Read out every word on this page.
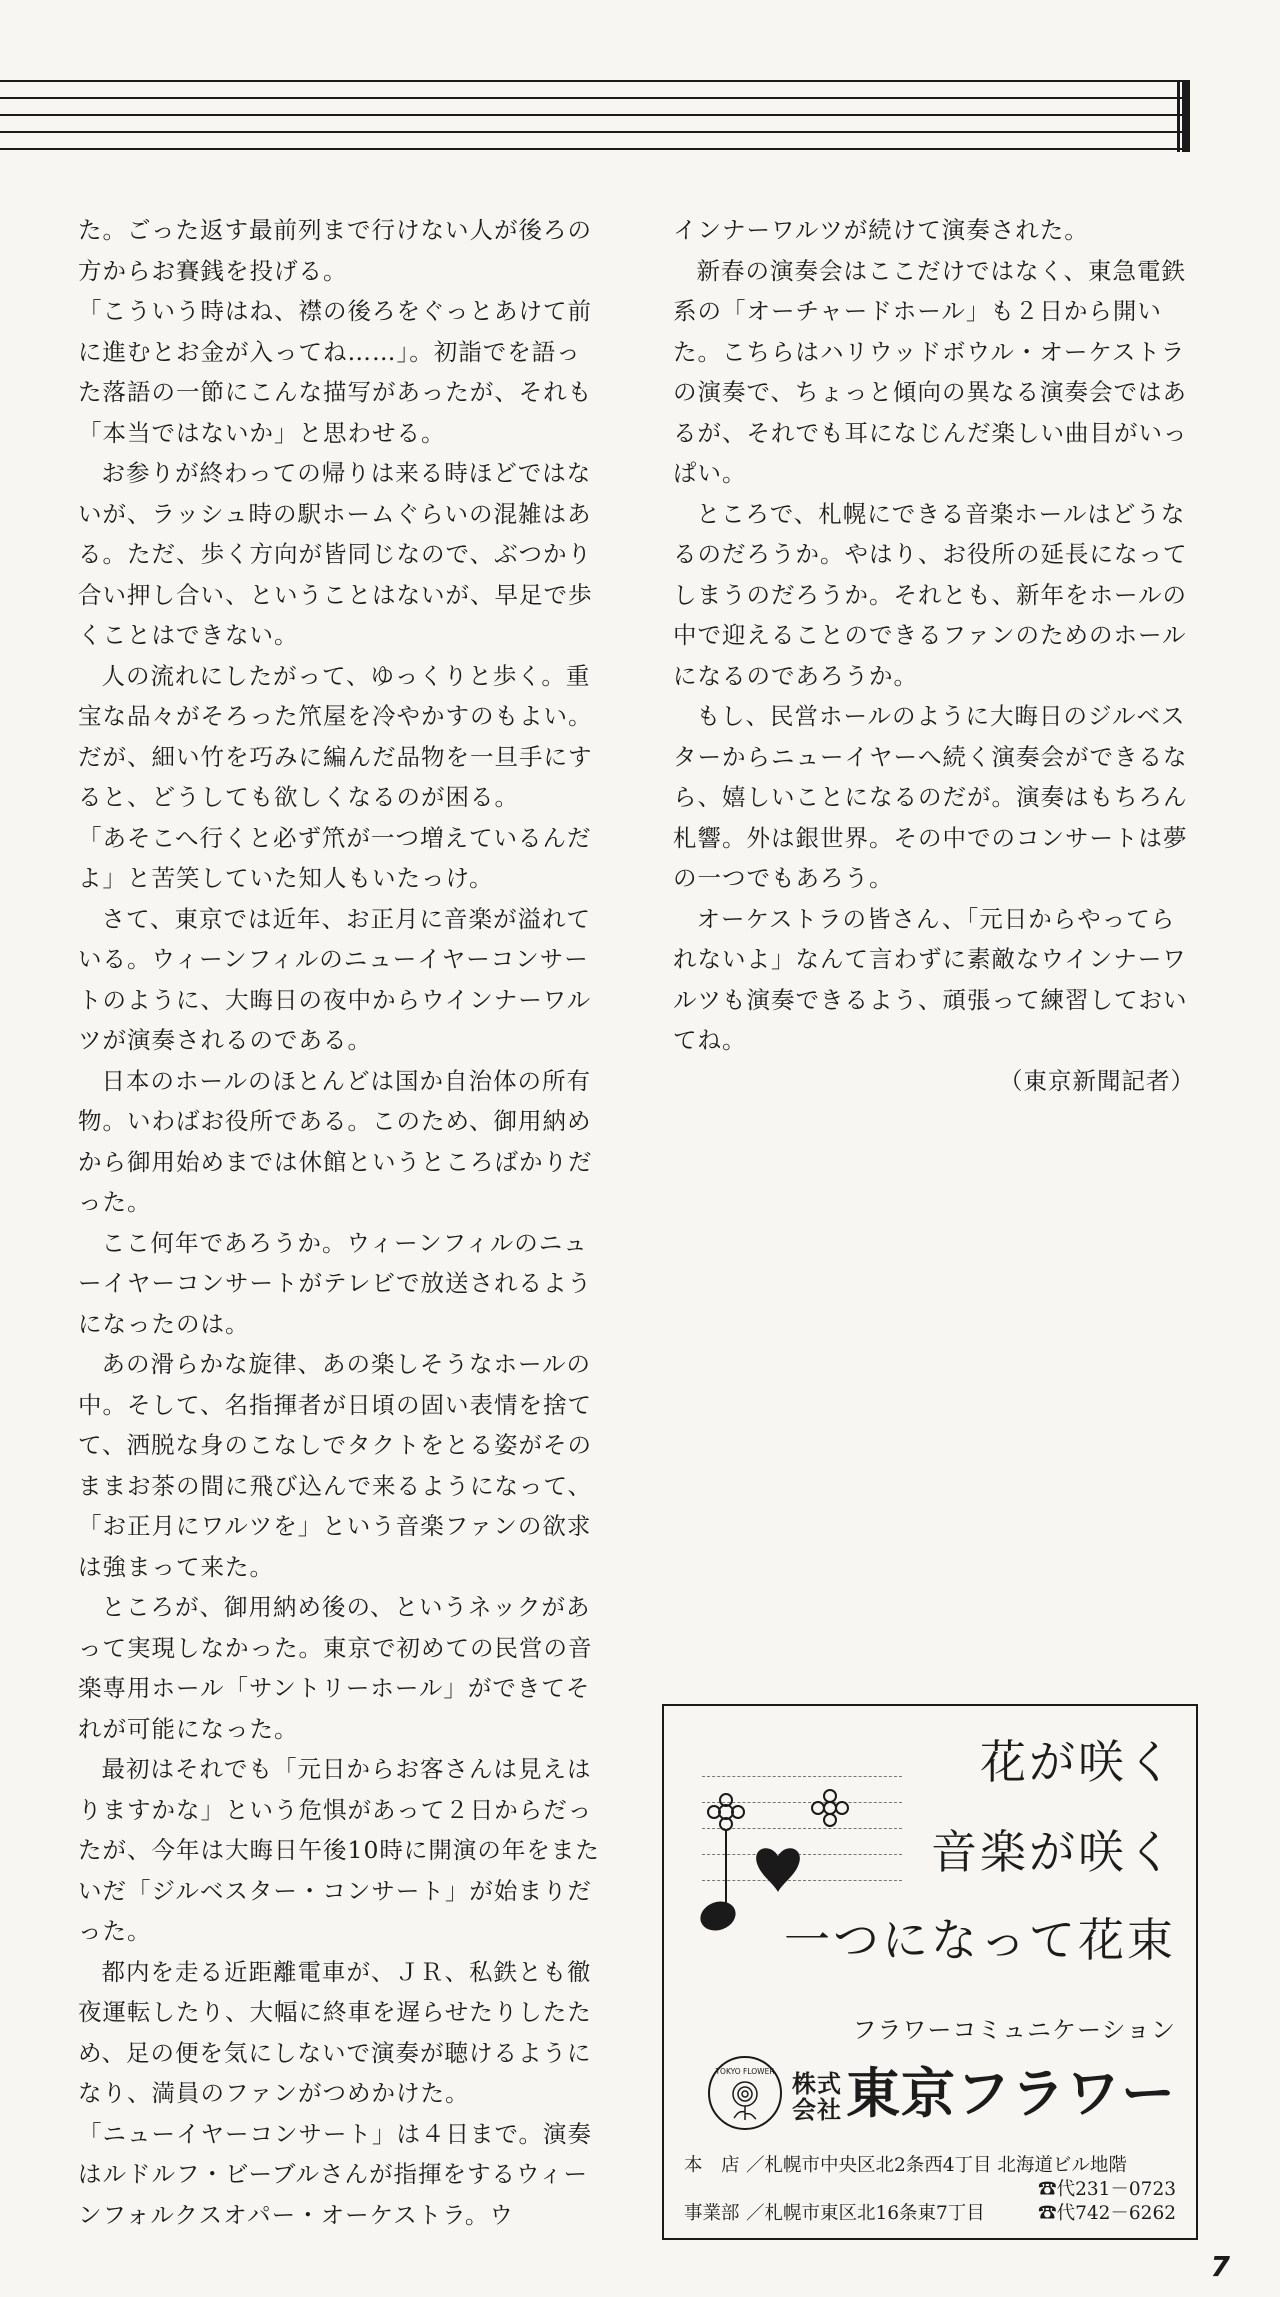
た。ごった返す最前列まで行けない人が後ろの方からお賽銭を投げる。

「こういう時はね、襟の後ろをぐっとあけて前に進むとお金が入ってね……」。初詣でを語った落語の一節にこんな描写があったが、それも「本当ではないか」と思わせる。

お参りが終わっての帰りは来る時ほどではないが、ラッシュ時の駅ホームぐらいの混雑はある。ただ、歩く方向が皆同じなので、ぶつかり合い押し合い、ということはないが、早足で歩くことはできない。

人の流れにしたがって、ゆっくりと歩く。重宝な品々がそろった笊屋を冷やかすのもよい。だが、細い竹を巧みに編んだ品物を一旦手にすると、どうしても欲しくなるのが困る。

「あそこへ行くと必ず笊が一つ増えているんだよ」と苦笑していた知人もいたっけ。

さて、東京では近年、お正月に音楽が溢れている。ウィーンフィルのニューイヤーコンサートのように、大晦日の夜中からウインナーワルツが演奏されるのである。

日本のホールのほとんどは国か自治体の所有物。いわばお役所である。このため、御用納めから御用始めまでは休館というところばかりだった。

ここ何年であろうか。ウィーンフィルのニューイヤーコンサートがテレビで放送されるようになったのは。

あの滑らかな旋律、あの楽しそうなホールの中。そして、名指揮者が日頃の固い表情を捨てて、洒脱な身のこなしでタクトをとる姿がそのままお茶の間に飛び込んで来るようになって、「お正月にワルツを」という音楽ファンの欲求は強まって来た。

ところが、御用納め後の、というネックがあって実現しなかった。東京で初めての民営の音楽専用ホール「サントリーホール」ができてそれが可能になった。

最初はそれでも「元日からお客さんは見えはりますかな」という危惧があって２日からだったが、今年は大晦日午後10時に開演の年をまたいだ「ジルベスター・コンサート」が始まりだった。

都内を走る近距離電車が、ＪＲ、私鉄とも徹夜運転したり、大幅に終車を遅らせたりしたため、足の便を気にしないで演奏が聴けるようになり、満員のファンがつめかけた。

「ニューイヤーコンサート」は４日まで。演奏はルドルフ・ビーブルさんが指揮をするウィーンフォルクスオパー・オーケストラ。ウ

インナーワルツが続けて演奏された。

新春の演奏会はここだけではなく、東急電鉄系の「オーチャードホール」も２日から開いた。こちらはハリウッドボウル・オーケストラの演奏で、ちょっと傾向の異なる演奏会ではあるが、それでも耳になじんだ楽しい曲目がいっぱい。

ところで、札幌にできる音楽ホールはどうなるのだろうか。やはり、お役所の延長になってしまうのだろうか。それとも、新年をホールの中で迎えることのできるファンのためのホールになるのであろうか。

もし、民営ホールのように大晦日のジルベスターからニューイヤーへ続く演奏会ができるなら、嬉しいことになるのだが。演奏はもちろん札響。外は銀世界。その中でのコンサートは夢の一つでもあろう。

オーケストラの皆さん、「元日からやってられないよ」なんて言わずに素敵なウインナーワルツも演奏できるよう、頑張って練習しておいてね。

（東京新聞記者）

花が咲く
音楽が咲く
一つになって花束
フラワーコミュニケーション
TOKYO FLOWER 株式会社東京フラワー
本　店 ／札幌市中央区北2条西4丁目 北海道ビル地階
☎代231－0723
事業部 ／札幌市東区北16条東7丁目	☎代742－6262
7
